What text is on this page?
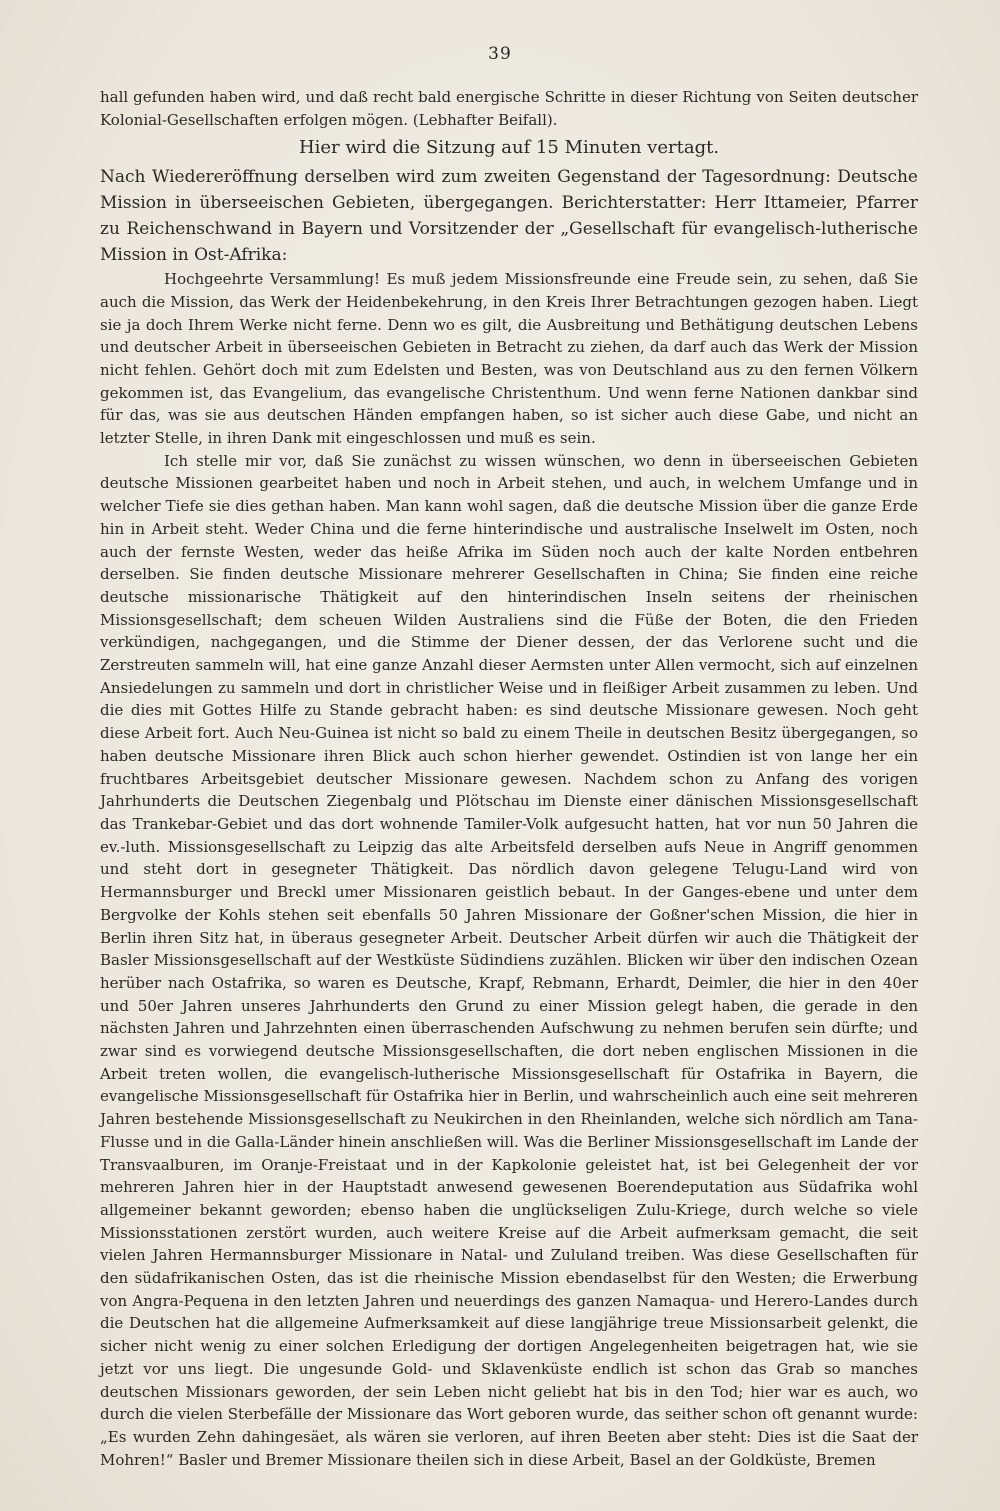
39

hall gefunden haben wird, und daß recht bald energische Schritte in dieser Richtung von Seiten deutscher Kolonial-Gesellschaften erfolgen mögen. (Lebhafter Beifall).

Hier wird die Sitzung auf 15 Minuten vertagt.

Nach Wiedereröffnung derselben wird zum zweiten Gegenstand der Tagesordnung: Deutsche Mission in überseeischen Gebieten, übergegangen. Berichterstatter: Herr Ittameier, Pfarrer zu Reichenschwand in Bayern und Vorsitzender der „Gesellschaft für evangelisch-lutherische Mission in Ost-Afrika:

Hochgeehrte Versammlung! Es muß jedem Missionsfreunde eine Freude sein, zu sehen, daß Sie auch die Mission, das Werk der Heidenbekehrung, in den Kreis Ihrer Betrachtungen gezogen haben. Liegt sie ja doch Ihrem Werke nicht ferne. Denn wo es gilt, die Ausbreitung und Bethätigung deutschen Lebens und deutscher Arbeit in überseeischen Gebieten in Betracht zu ziehen, da darf auch das Werk der Mission nicht fehlen. Gehört doch mit zum Edelsten und Besten, was von Deutschland aus zu den fernen Völkern gekommen ist, das Evangelium, das evangelische Christenthum. Und wenn ferne Nationen dankbar sind für das, was sie aus deutschen Händen empfangen haben, so ist sicher auch diese Gabe, und nicht an letzter Stelle, in ihren Dank mit eingeschlossen und muß es sein.

Ich stelle mir vor, daß Sie zunächst zu wissen wünschen, wo denn in überseeischen Gebieten deutsche Missionen gearbeitet haben und noch in Arbeit stehen, und auch, in welchem Umfange und in welcher Tiefe sie dies gethan haben. Man kann wohl sagen, daß die deutsche Mission über die ganze Erde hin in Arbeit steht. Weder China und die ferne hinterindische und australische Inselwelt im Osten, noch auch der fernste Westen, weder das heiße Afrika im Süden noch auch der kalte Norden entbehren derselben. Sie finden deutsche Missionare mehrerer Gesellschaften in China; Sie finden eine reiche deutsche missionarische Thätigkeit auf den hinterindischen Inseln seitens der rheinischen Missionsgesellschaft; dem scheuen Wilden Australiens sind die Füße der Boten, die den Frieden verkündigen, nachgegangen, und die Stimme der Diener dessen, der das Verlorene sucht und die Zerstreuten sammeln will, hat eine ganze Anzahl dieser Aermsten unter Allen vermocht, sich auf einzelnen Ansiedelungen zu sammeln und dort in christlicher Weise und in fleißiger Arbeit zusammen zu leben. Und die dies mit Gottes Hilfe zu Stande gebracht haben: es sind deutsche Missionare gewesen. Noch geht diese Arbeit fort. Auch Neu-Guinea ist nicht so bald zu einem Theile in deutschen Besitz übergegangen, so haben deutsche Missionare ihren Blick auch schon hierher gewendet. Ostindien ist von lange her ein fruchtbares Arbeitsgebiet deutscher Missionare gewesen. Nachdem schon zu Anfang des vorigen Jahrhunderts die Deutschen Ziegenbalg und Plötschau im Dienste einer dänischen Missionsgesellschaft das Trankebar-Gebiet und das dort wohnende Tamiler-Volk aufgesucht hatten, hat vor nun 50 Jahren die ev.-luth. Missionsgesellschaft zu Leipzig das alte Arbeitsfeld derselben aufs Neue in Angriff genommen und steht dort in gesegneter Thätigkeit. Das nördlich davon gelegene Telugu-Land wird von Hermannsburger und Breckl umer Missionaren geistlich bebaut. In der Ganges-ebene und unter dem Bergvolke der Kohls stehen seit ebenfalls 50 Jahren Missionare der Goßner'schen Mission, die hier in Berlin ihren Sitz hat, in überaus gesegneter Arbeit. Deutscher Arbeit dürfen wir auch die Thätigkeit der Basler Missionsgesellschaft auf der Westküste Südindiens zuzählen. Blicken wir über den indischen Ozean herüber nach Ostafrika, so waren es Deutsche, Krapf, Rebmann, Erhardt, Deimler, die hier in den 40er und 50er Jahren unseres Jahrhunderts den Grund zu einer Mission gelegt haben, die gerade in den nächsten Jahren und Jahrzehnten einen überraschenden Aufschwung zu nehmen berufen sein dürfte; und zwar sind es vorwiegend deutsche Missionsgesellschaften, die dort neben englischen Missionen in die Arbeit treten wollen, die evangelisch-lutherische Missionsgesellschaft für Ostafrika in Bayern, die evangelische Missionsgesellschaft für Ostafrika hier in Berlin, und wahrscheinlich auch eine seit mehreren Jahren bestehende Missionsgesellschaft zu Neukirchen in den Rheinlanden, welche sich nördlich am Tana-Flusse und in die Galla-Länder hinein anschließen will. Was die Berliner Missionsgesellschaft im Lande der Transvaalburen, im Oranje-Freistaat und in der Kapkolonie geleistet hat, ist bei Gelegenheit der vor mehreren Jahren hier in der Hauptstadt anwesend gewesenen Boerendeputation aus Südafrika wohl allgemeiner bekannt geworden; ebenso haben die unglückseligen Zulu-Kriege, durch welche so viele Missionsstationen zerstört wurden, auch weitere Kreise auf die Arbeit aufmerksam gemacht, die seit vielen Jahren Hermannsburger Missionare in Natal- und Zululand treiben. Was diese Gesellschaften für den südafrikanischen Osten, das ist die rheinische Mission ebendaselbst für den Westen; die Erwerbung von Angra-Pequena in den letzten Jahren und neuerdings des ganzen Namaqua- und Herero-Landes durch die Deutschen hat die allgemeine Aufmerksamkeit auf diese langjährige treue Missionsarbeit gelenkt, die sicher nicht wenig zu einer solchen Erledigung der dortigen Angelegenheiten beigetragen hat, wie sie jetzt vor uns liegt. Die ungesunde Gold- und Sklavenküste endlich ist schon das Grab so manches deutschen Missionars geworden, der sein Leben nicht geliebt hat bis in den Tod; hier war es auch, wo durch die vielen Sterbefälle der Missionare das Wort geboren wurde, das seither schon oft genannt wurde: „Es wurden Zehn dahingesäet, als wären sie verloren, auf ihren Beeten aber steht: Dies ist die Saat der Mohren!“ Basler und Bremer Missionare theilen sich in diese Arbeit, Basel an der Goldküste, Bremen
